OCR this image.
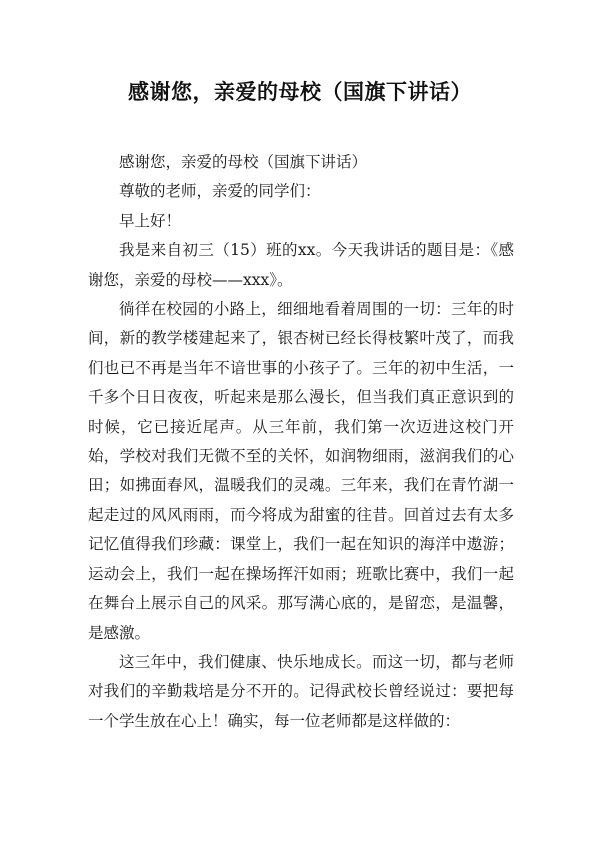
感谢您，亲爱的母校（国旗下讲话）

感谢您，亲爱的母校（国旗下讲话）

尊敬的老师，亲爱的同学们：

早上好！

我是来自初三（15）班的xx。今天我讲话的题目是：《感谢您，亲爱的母校——xxx》。

徜徉在校园的小路上，细细地看着周围的一切：三年的时间，新的教学楼建起来了，银杏树已经长得枝繁叶茂了，而我们也已不再是当年不谙世事的小孩子了。三年的初中生活，一千多个日日夜夜，听起来是那么漫长，但当我们真正意识到的时候，它已接近尾声。从三年前，我们第一次迈进这校门开始，学校对我们无微不至的关怀，如润物细雨，滋润我们的心田；如拂面春风，温暖我们的灵魂。三年来，我们在青竹湖一起走过的风风雨雨，而今将成为甜蜜的往昔。回首过去有太多记忆值得我们珍藏：课堂上，我们一起在知识的海洋中遨游；运动会上，我们一起在操场挥汗如雨；班歌比赛中，我们一起在舞台上展示自己的风采。那写满心底的，是留恋，是温馨，是感激。

这三年中，我们健康、快乐地成长。而这一切，都与老师对我们的辛勤栽培是分不开的。记得武校长曾经说过：要把每一个学生放在心上！确实，每一位老师都是这样做的：
